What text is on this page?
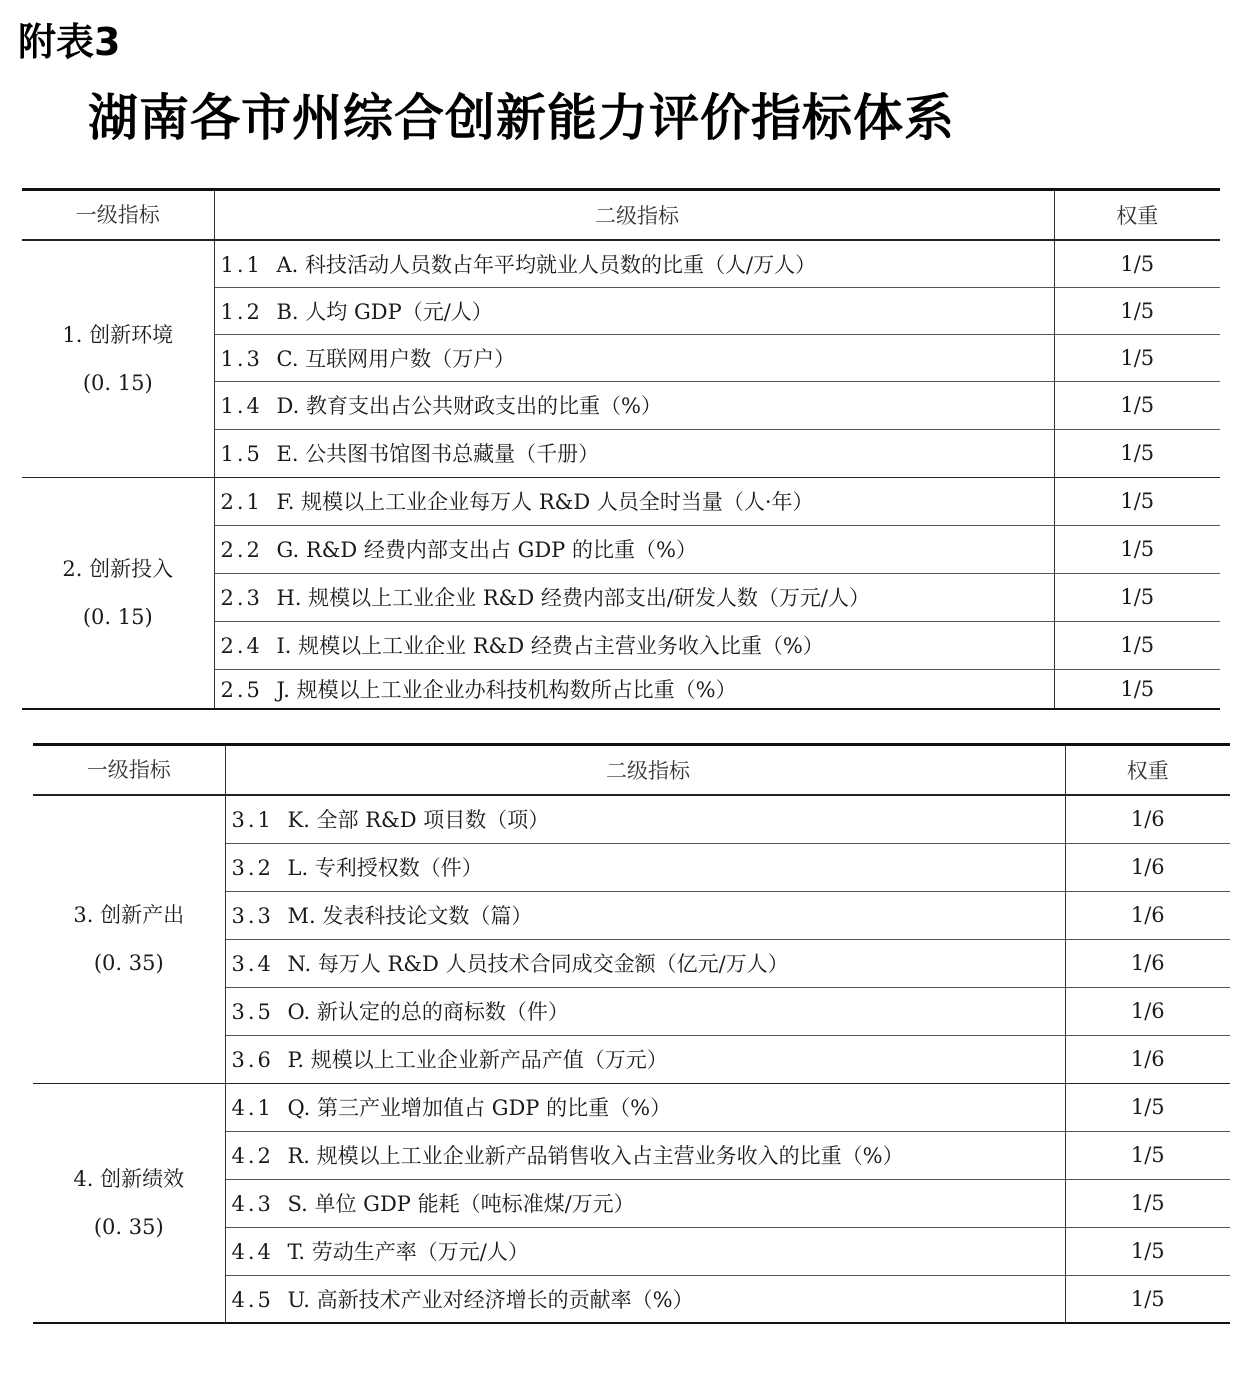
附表3
湖南各市州综合创新能力评价指标体系
一级指标	二级指标	权重

1. 创新环境
(0. 15)	1.1 A. 科技活动人员数占年平均就业人员数的比重（人/万人）	1/5
	1.2 B. 人均 GDP（元/人）	1/5
	1.3 C. 互联网用户数（万户）	1/5
	1.4 D. 教育支出占公共财政支出的比重（%）	1/5
	1.5 E. 公共图书馆图书总藏量（千册）	1/5

2. 创新投入
(0. 15)	2.1 F. 规模以上工业企业每万人 R&D 人员全时当量（人·年）	1/5
	2.2 G. R&D 经费内部支出占 GDP 的比重（%）	1/5
	2.3 H. 规模以上工业企业 R&D 经费内部支出/研发人数（万元/人）	1/5
	2.4 I. 规模以上工业企业 R&D 经费占主营业务收入比重（%）	1/5
	2.5 J. 规模以上工业企业办科技机构数所占比重（%）	1/5
一级指标	二级指标	权重

3. 创新产出
(0. 35)	3.1 K. 全部 R&D 项目数（项）	1/6
	3.2 L. 专利授权数（件）	1/6
	3.3 M. 发表科技论文数（篇）	1/6
	3.4 N. 每万人 R&D 人员技术合同成交金额（亿元/万人）	1/6
	3.5 O. 新认定的总的商标数（件）	1/6
	3.6 P. 规模以上工业企业新产品产值（万元）	1/6

4. 创新绩效
(0. 35)	4.1 Q. 第三产业增加值占 GDP 的比重（%）	1/5
	4.2 R. 规模以上工业企业新产品销售收入占主营业务收入的比重（%）	1/5
	4.3 S. 单位 GDP 能耗（吨标准煤/万元）	1/5
	4.4 T. 劳动生产率（万元/人）	1/5
	4.5 U. 高新技术产业对经济增长的贡献率（%）	1/5
